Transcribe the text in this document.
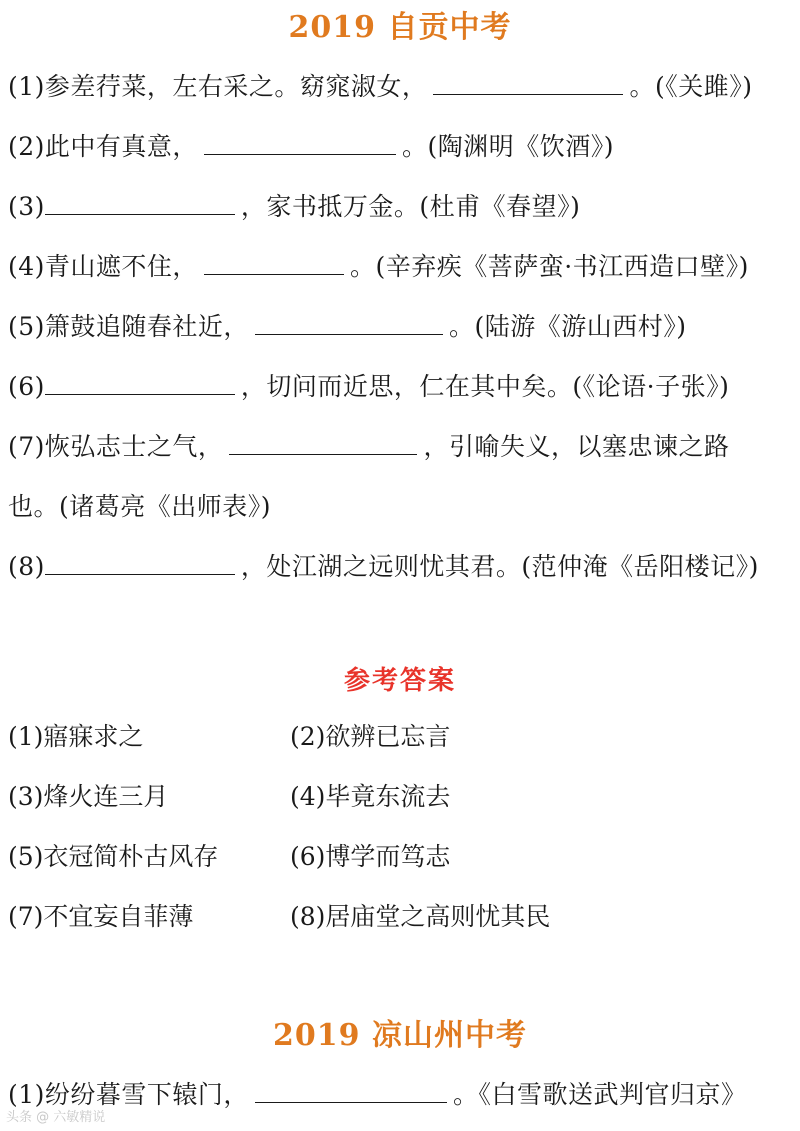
2019 自贡中考
(1)参差荇菜，左右采之。窈窕淑女，	。(《关雎》)
(2)此中有真意，	。(陶渊明《饮酒》)
(3)	，家书抵万金。(杜甫《春望》)
(4)青山遮不住，	。(辛弃疾《菩萨蛮·书江西造口壁》)
(5)箫鼓追随春社近，	。(陆游《游山西村》)
(6)	，切问而近思，仁在其中矣。(《论语·子张》)
(7)恢弘志士之气，	，引喻失义，以塞忠谏之路
也。(诸葛亮《出师表》)
(8)	，处江湖之远则忧其君。(范仲淹《岳阳楼记》)
参考答案
(1)寤寐求之	(2)欲辨已忘言
(3)烽火连三月	(4)毕竟东流去
(5)衣冠简朴古风存	(6)博学而笃志
(7)不宜妄自菲薄	(8)居庙堂之高则忧其民
2019 凉山州中考
(1)纷纷暮雪下辕门，	。《白雪歌送武判官归京》
头条 @ 六敏精说
